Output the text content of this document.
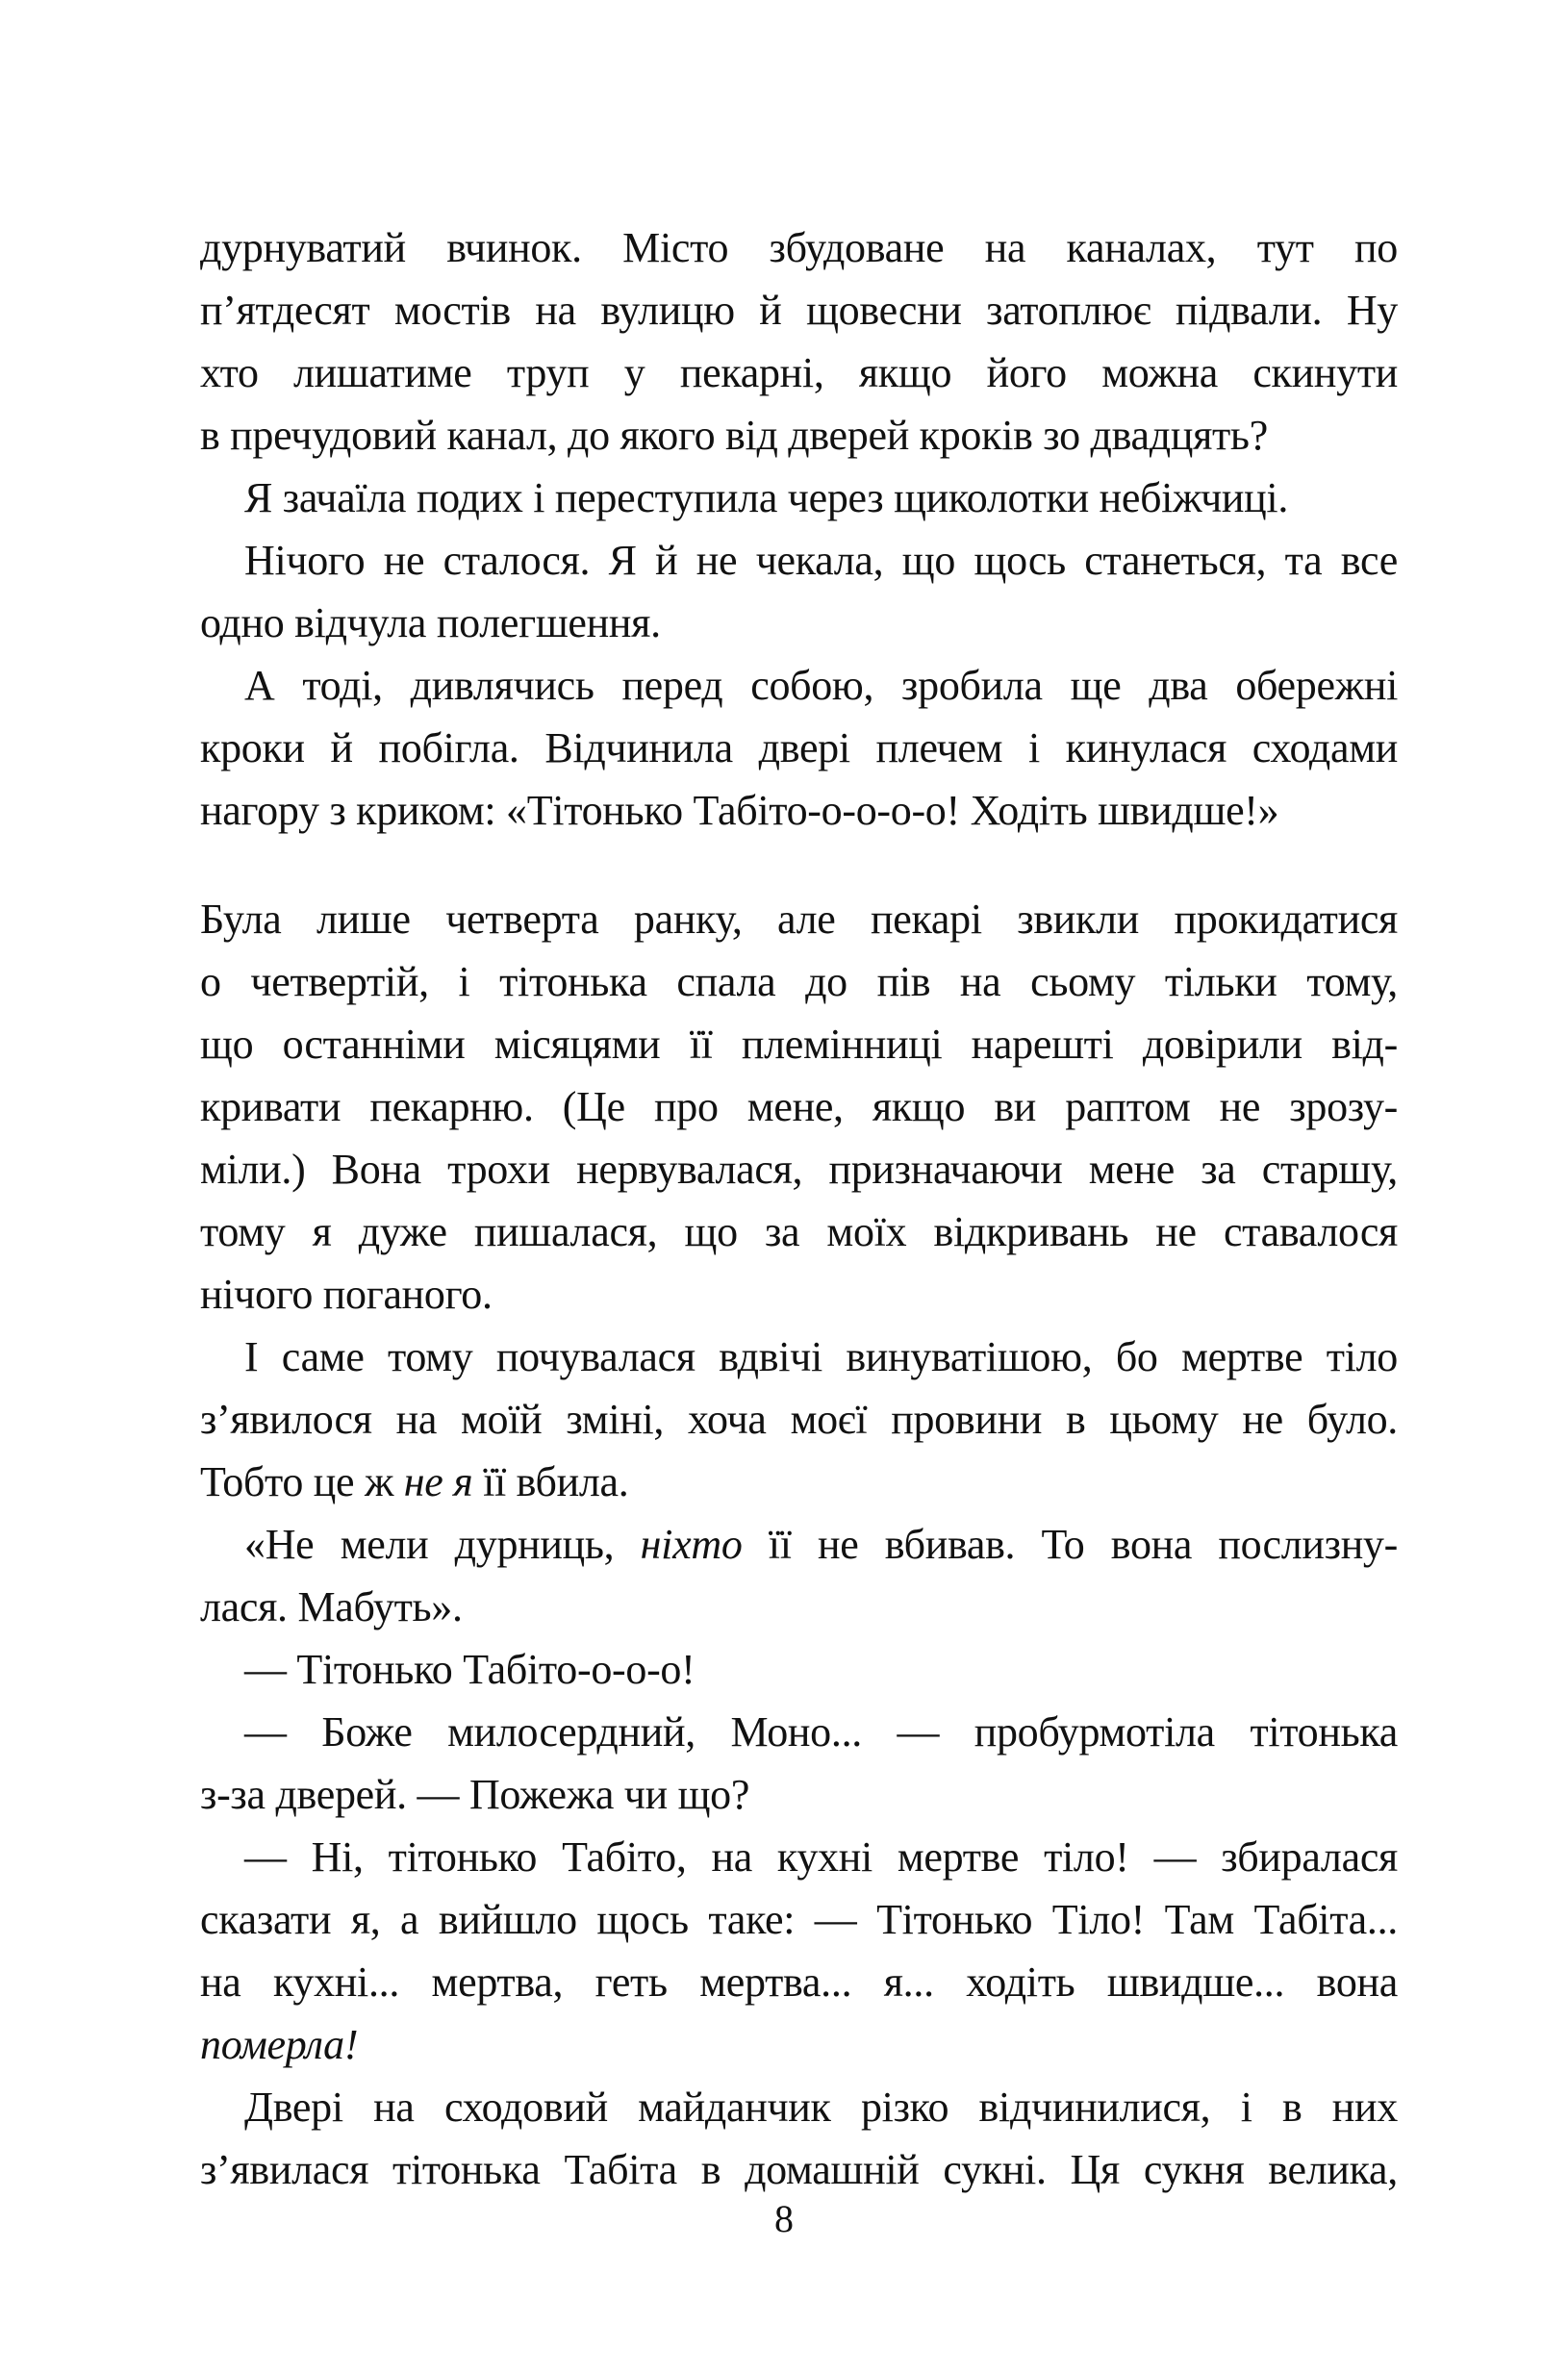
дурнуватий вчинок. Місто збудоване на каналах, тут по
п’ятдесят мостів на вулицю й щовесни затоплює підвали. Ну
хто лишатиме труп у пекарні, якщо його можна скинути
в пречудовий канал, до якого від дверей кроків зо двадцять?
Я зачаїла подих і переступила через щиколотки небіжчиці.
Нічого не сталося. Я й не чекала, що щось станеться, та все
одно відчула полегшення.
А тоді, дивлячись перед собою, зробила ще два обережні
кроки й побігла. Відчинила двері плечем і кинулася сходами
нагору з криком: «Тітонько Табіто-о-о-о-о! Ходіть швидше!»
Була лише четверта ранку, але пекарі звикли прокидатися
о четвертій, і тітонька спала до пів на сьому тільки тому,
що останніми місяцями її племінниці нарешті довірили від-
кривати пекарню. (Це про мене, якщо ви раптом не зрозу-
міли.) Вона трохи нервувалася, призначаючи мене за старшу,
тому я дуже пишалася, що за моїх відкривань не ставалося
нічого поганого.
І саме тому почувалася вдвічі винуватішою, бо мертве тіло
з’явилося на моїй зміні, хоча моєї провини в цьому не було.
Тобто це ж не я її вбила.
«Не мели дурниць, ніхто її не вбивав. То вона послизну-
лася. Мабуть».
— Тітонько Табіто-о-о-о!
— Боже милосердний, Моно... — пробурмотіла тітонька
з-за дверей. — Пожежа чи що?
— Ні, тітонько Табіто, на кухні мертве тіло! — збиралася
сказати я, а вийшло щось таке: — Тітонько Тіло! Там Табіта...
на кухні... мертва, геть мертва... я... ходіть швидше... вона
померла!
Двері на сходовий майданчик різко відчинилися, і в них
з’явилася тітонька Табіта в домашній сукні. Ця сукня велика,
8
